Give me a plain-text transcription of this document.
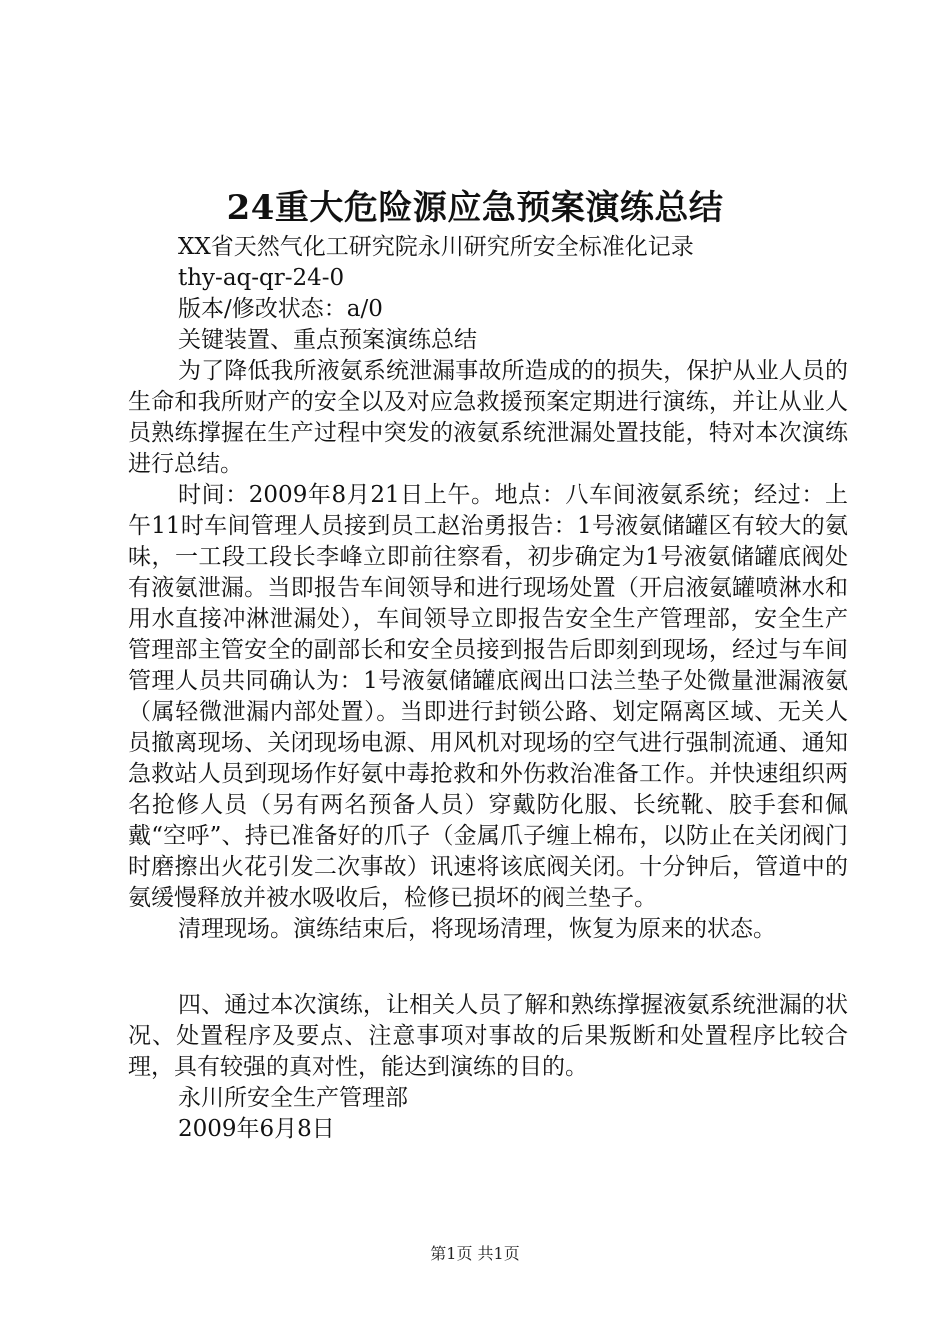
24重大危险源应急预案演练总结

XX省天然气化工研究院永川研究所安全标准化记录

thy-aq-qr-24-0

版本/修改状态：a/0

关键装置、重点预案演练总结

为了降低我所液氨系统泄漏事故所造成的的损失，保护从业人员的生命和我所财产的安全以及对应急救援预案定期进行演练，并让从业人员熟练撑握在生产过程中突发的液氨系统泄漏处置技能，特对本次演练进行总结。

时间：2009年8月21日上午。地点：八车间液氨系统；经过：上午11时车间管理人员接到员工赵治勇报告：1号液氨储罐区有较大的氨味，一工段工段长李峰立即前往察看，初步确定为1号液氨储罐底阀处有液氨泄漏。当即报告车间领导和进行现场处置（开启液氨罐喷淋水和用水直接冲淋泄漏处），车间领导立即报告安全生产管理部，安全生产管理部主管安全的副部长和安全员接到报告后即刻到现场，经过与车间管理人员共同确认为：1号液氨储罐底阀出口法兰垫子处微量泄漏液氨（属轻微泄漏内部处置）。当即进行封锁公路、划定隔离区域、无关人员撤离现场、关闭现场电源、用风机对现场的空气进行强制流通、通知急救站人员到现场作好氨中毒抢救和外伤救治准备工作。并快速组织两名抢修人员（另有两名预备人员）穿戴防化服、长统靴、胶手套和佩戴“空呼”、持已准备好的爪子（金属爪子缠上棉布，以防止在关闭阀门时磨擦出火花引发二次事故）讯速将该底阀关闭。十分钟后，管道中的氨缓慢释放并被水吸收后，检修已损坏的阀兰垫子。

清理现场。演练结束后，将现场清理，恢复为原来的状态。

四、通过本次演练，让相关人员了解和熟练撑握液氨系统泄漏的状况、处置程序及要点、注意事项对事故的后果叛断和处置程序比较合理，具有较强的真对性，能达到演练的目的。

永川所安全生产管理部

2009年6月8日

第1页 共1页
